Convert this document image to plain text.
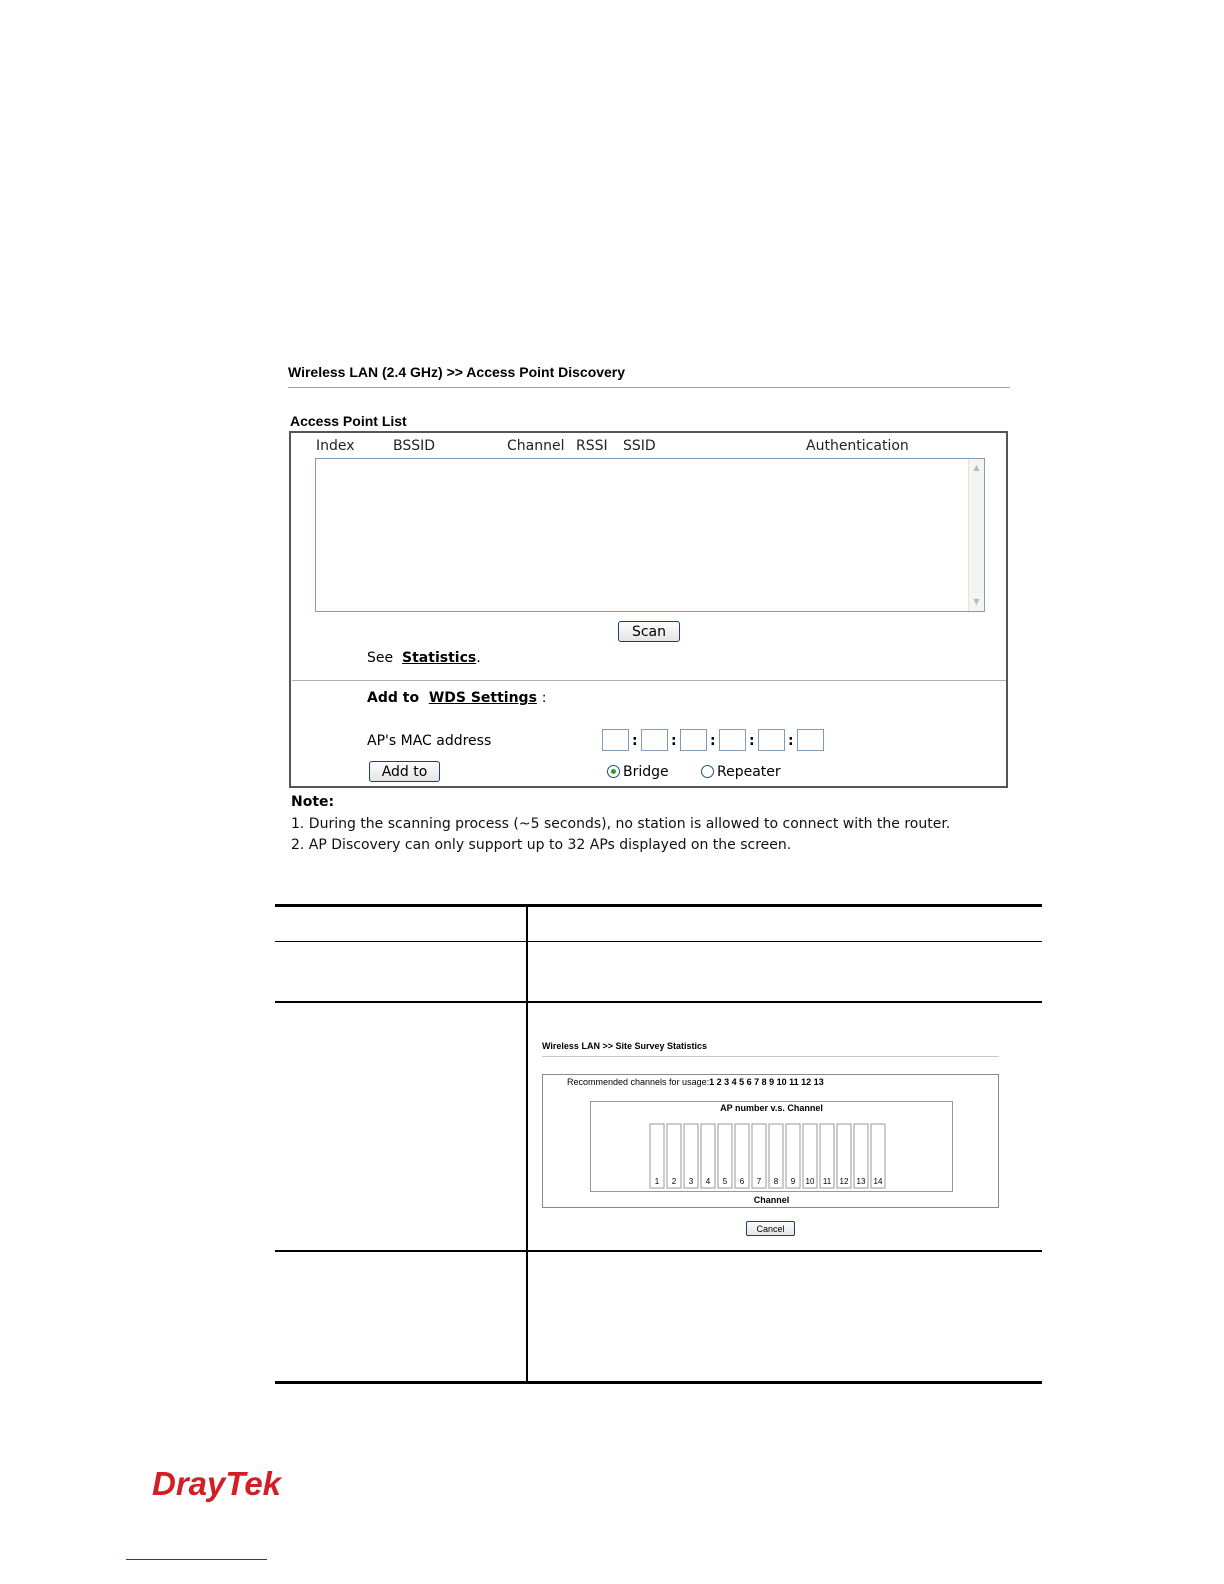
Wireless LAN (2.4 GHz) >> Access Point Discovery
Access Point List
Index	BSSID	Channel RSSI SSID	Authentication
▲
▼
Scan
See Statistics.
Add to WDS Settings :
AP's MAC address	: : : : :
Add to	Bridge	Repeater
Note:
1. During the scanning process (~5 seconds), no station is allowed to connect with the router.
2. AP Discovery can only support up to 32 APs displayed on the screen.
Wireless LAN >> Site Survey Statistics
Recommended channels for usage:1 2 3 4 5 6 7 8 9 10 11 12 13
AP number v.s. Channel
1 2 3 4 5 6 7 8 9 10 11 12 13 14
Channel
Cancel
DrayTek
